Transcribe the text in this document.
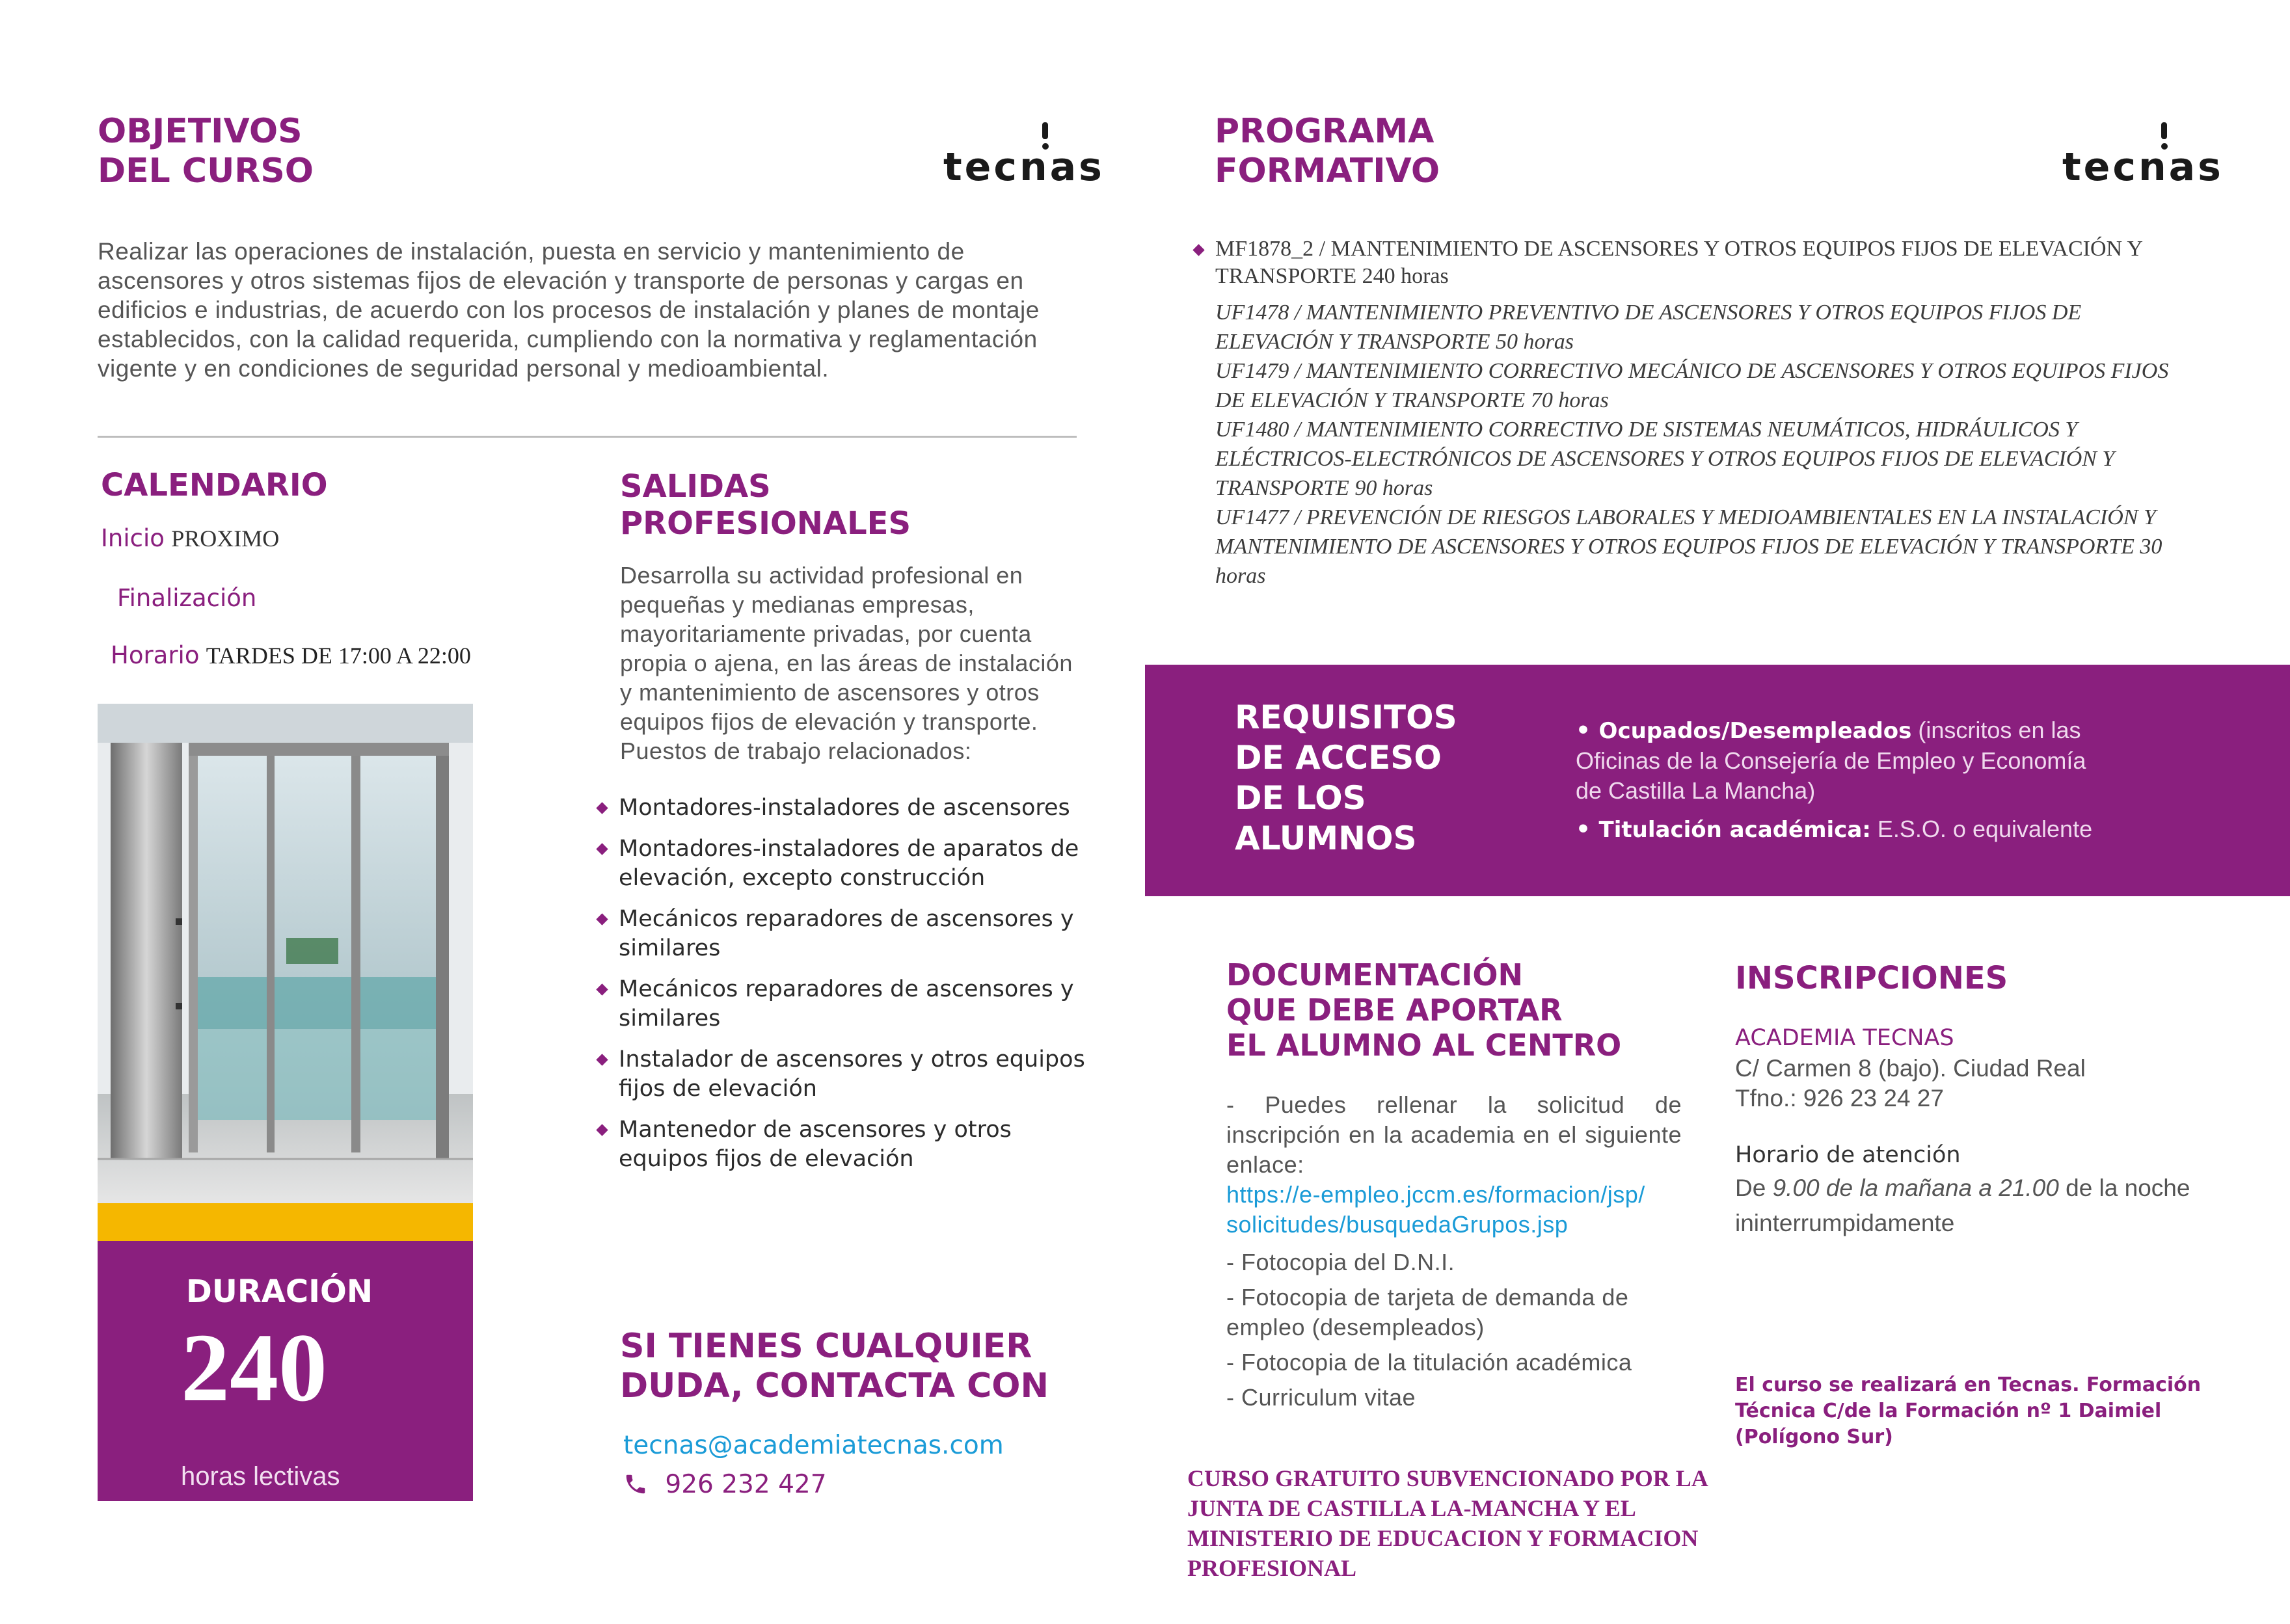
OBJETIVOS
DEL CURSO	tecnas
Realizar las operaciones de instalación, puesta en servicio y mantenimiento de ascensores y otros sistemas fijos de elevación y transporte de personas y cargas en edificios e industrias, de acuerdo con los procesos de instalación y planes de montaje establecidos, con la calidad requerida, cumpliendo con la normativa y reglamentación vigente y en condiciones de seguridad personal y medioambiental.
CALENDARIO
Inicio PROXIMO
Finalización
Horario TARDES DE 17:00 A 22:00
DURACIÓN
240
horas lectivas
SALIDAS
PROFESIONALES
Desarrolla su actividad profesional en pequeñas y medianas empresas, mayoritariamente privadas, por cuenta propia o ajena, en las áreas de instalación y mantenimiento de ascensores y otros equipos fijos de elevación y transporte. Puestos de trabajo relacionados:
Montadores-instaladores de ascensores
Montadores-instaladores de aparatos de elevación, excepto construcción
Mecánicos reparadores de ascensores y similares
Mecánicos reparadores de ascensores y similares
Instalador de ascensores y otros equipos fijos de elevación
Mantenedor de ascensores y otros equipos fijos de elevación
SI TIENES CUALQUIER
DUDA, CONTACTA CON
tecnas@academiatecnas.com
926 232 427
PROGRAMA
FORMATIVO	tecnas
MF1878_2 / MANTENIMIENTO DE ASCENSORES Y OTROS EQUIPOS FIJOS DE ELEVACIÓN Y TRANSPORTE 240 horas
UF1478 / MANTENIMIENTO PREVENTIVO DE ASCENSORES Y OTROS EQUIPOS FIJOS DE ELEVACIÓN Y TRANSPORTE 50 horas
UF1479 / MANTENIMIENTO CORRECTIVO MECÁNICO DE ASCENSORES Y OTROS EQUIPOS FIJOS DE ELEVACIÓN Y TRANSPORTE 70 horas
UF1480 / MANTENIMIENTO CORRECTIVO DE SISTEMAS NEUMÁTICOS, HIDRÁULICOS Y ELÉCTRICOS-ELECTRÓNICOS DE ASCENSORES Y OTROS EQUIPOS FIJOS DE ELEVACIÓN Y TRANSPORTE 90 horas
UF1477 / PREVENCIÓN DE RIESGOS LABORALES Y MEDIOAMBIENTALES EN LA INSTALACIÓN Y MANTENIMIENTO DE ASCENSORES Y OTROS EQUIPOS FIJOS DE ELEVACIÓN Y TRANSPORTE 30 horas
REQUISITOS
DE ACCESO
DE LOS
ALUMNOS
• Ocupados/Desempleados (inscritos en las Oficinas de la Consejería de Empleo y Economía de Castilla La Mancha)
• Titulación académica: E.S.O. o equivalente
DOCUMENTACIÓN
QUE DEBE APORTAR
EL ALUMNO AL CENTRO
- Puedes rellenar la solicitud de inscripción en la academia en el siguiente enlace:
https://e-empleo.jccm.es/formacion/jsp/
solicitudes/busquedaGrupos.jsp
- Fotocopia del D.N.I.
- Fotocopia de tarjeta de demanda de empleo (desempleados)
- Fotocopia de la titulación académica
- Curriculum vitae
INSCRIPCIONES
ACADEMIA TECNAS
C/ Carmen 8 (bajo). Ciudad Real
Tfno.: 926 23 24 27
Horario de atención
De 9.00 de la mañana a 21.00 de la noche ininterrumpidamente
El curso se realizará en Tecnas. Formación Técnica C/de la Formación nº 1 Daimiel (Polígono Sur)
CURSO GRATUITO SUBVENCIONADO POR LA JUNTA DE CASTILLA LA-MANCHA Y EL MINISTERIO DE EDUCACION Y FORMACION PROFESIONAL
